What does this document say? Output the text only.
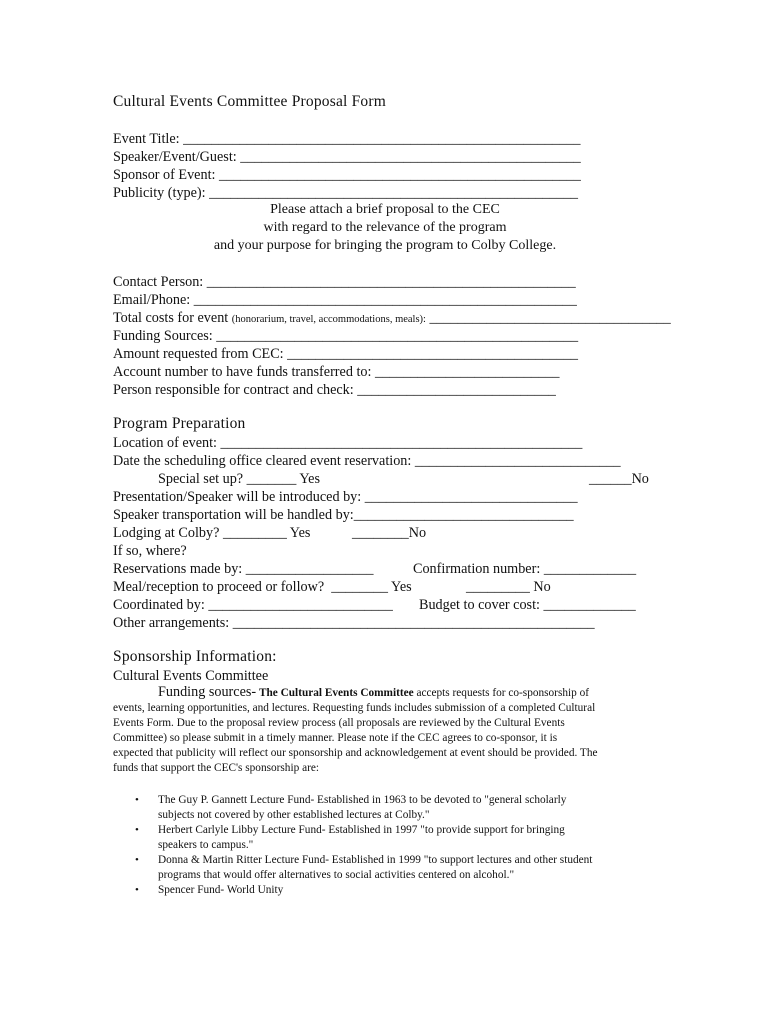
Cultural Events Committee Proposal Form
Event Title: ________________________________________________________
Speaker/Event/Guest: ________________________________________________
Sponsor of Event: ___________________________________________________
Publicity (type): ____________________________________________________
Please attach a brief proposal to the CEC
with regard to the relevance of the program
and your purpose for bringing the program to Colby College.
Contact Person: ____________________________________________________
Email/Phone: ______________________________________________________
Total costs for event (honorarium, travel, accommodations, meals): __________________________________
Funding Sources: ___________________________________________________
Amount requested from CEC: _________________________________________
Account number to have funds transferred to: __________________________
Person responsible for contract and check: ____________________________
Program Preparation
Location of event: ___________________________________________________
Date the scheduling office cleared event reservation: _____________________________
Special set up? _______ Yes	______No
Presentation/Speaker will be introduced by: ______________________________
Speaker transportation will be handled by:_______________________________
Lodging at Colby? _________ Yes	________No
If so, where?
Reservations made by: __________________	Confirmation number: _____________
Meal/reception to proceed or follow?  ________ Yes	_________ No
Coordinated by: __________________________ Budget to cover cost: _____________
Other arrangements: ___________________________________________________
Sponsorship Information:
Cultural Events Committee
Funding sources- The Cultural Events Committee accepts requests for co-sponsorship of
events, learning opportunities, and lectures. Requesting funds includes submission of a completed Cultural
Events Form. Due to the proposal review process (all proposals are reviewed by the Cultural Events
Committee) so please submit in a timely manner. Please note if the CEC agrees to co-sponsor, it is
expected that publicity will reflect our sponsorship and acknowledgement at event should be provided. The
funds that support the CEC's sponsorship are:
• The Guy P. Gannett Lecture Fund- Established in 1963 to be devoted to "general scholarly
subjects not covered by other established lectures at Colby."
• Herbert Carlyle Libby Lecture Fund- Established in 1997 "to provide support for bringing
speakers to campus."
• Donna & Martin Ritter Lecture Fund- Established in 1999 "to support lectures and other student
programs that would offer alternatives to social activities centered on alcohol."
• Spencer Fund- World Unity
